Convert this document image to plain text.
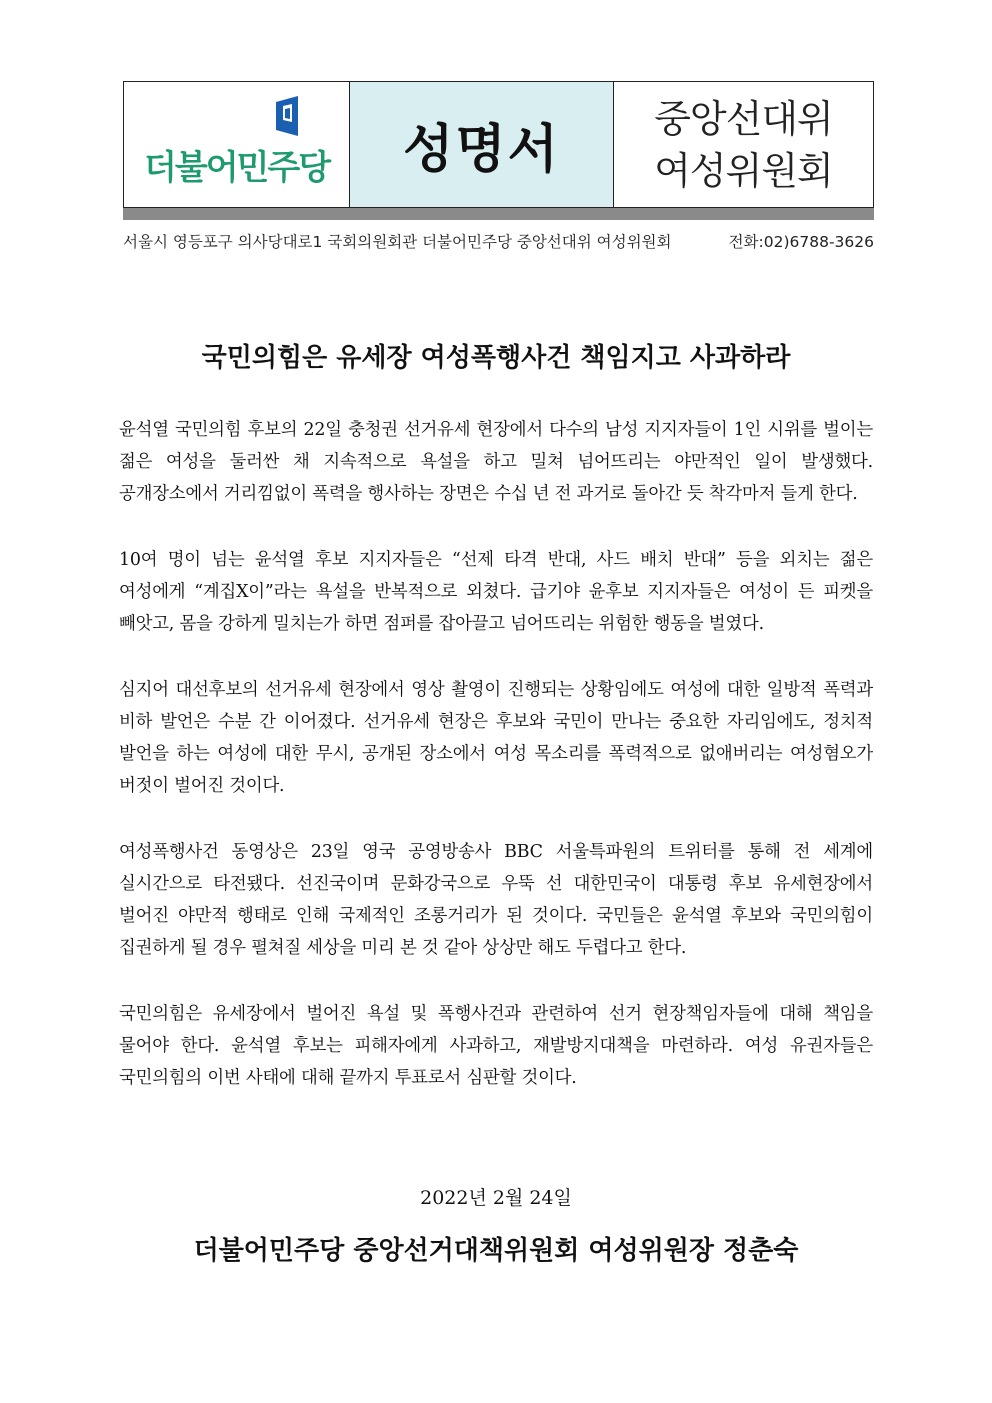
더불어민주당 성명서
중앙선대위
여성위원회
서울시 영등포구 의사당대로1 국회의원회관 더불어민주당 중앙선대위 여성위원회	전화:02)6788-3626
국민의힘은 유세장 여성폭행사건 책임지고 사과하라

윤석열 국민의힘 후보의 22일 충청권 선거유세 현장에서 다수의 남성 지지자들이 1인 시위를 벌이는 젊은 여성을 둘러싼 채 지속적으로 욕설을 하고 밀쳐 넘어뜨리는 야만적인 일이 발생했다. 공개장소에서 거리낌없이 폭력을 행사하는 장면은 수십 년 전 과거로 돌아간 듯 착각마저 들게 한다.

10여 명이 넘는 윤석열 후보 지지자들은 “선제 타격 반대, 사드 배치 반대” 등을 외치는 젊은 여성에게 “계집X이”라는 욕설을 반복적으로 외쳤다. 급기야 윤후보 지지자들은 여성이 든 피켓을 빼앗고, 몸을 강하게 밀치는가 하면 점퍼를 잡아끌고 넘어뜨리는 위험한 행동을 벌였다.

심지어 대선후보의 선거유세 현장에서 영상 촬영이 진행되는 상황임에도 여성에 대한 일방적 폭력과 비하 발언은 수분 간 이어졌다. 선거유세 현장은 후보와 국민이 만나는 중요한 자리임에도, 정치적 발언을 하는 여성에 대한 무시, 공개된 장소에서 여성 목소리를 폭력적으로 없애버리는 여성혐오가 버젓이 벌어진 것이다.

여성폭행사건 동영상은 23일 영국 공영방송사 BBC 서울특파원의 트위터를 통해 전 세계에 실시간으로 타전됐다. 선진국이며 문화강국으로 우뚝 선 대한민국이 대통령 후보 유세현장에서 벌어진 야만적 행태로 인해 국제적인 조롱거리가 된 것이다. 국민들은 윤석열 후보와 국민의힘이 집권하게 될 경우 펼쳐질 세상을 미리 본 것 같아 상상만 해도 두렵다고 한다.

국민의힘은 유세장에서 벌어진 욕설 및 폭행사건과 관련하여 선거 현장책임자들에 대해 책임을 물어야 한다. 윤석열 후보는 피해자에게 사과하고, 재발방지대책을 마련하라. 여성 유권자들은 국민의힘의 이번 사태에 대해 끝까지 투표로서 심판할 것이다.

2022년 2월 24일
더불어민주당 중앙선거대책위원회 여성위원장 정춘숙
